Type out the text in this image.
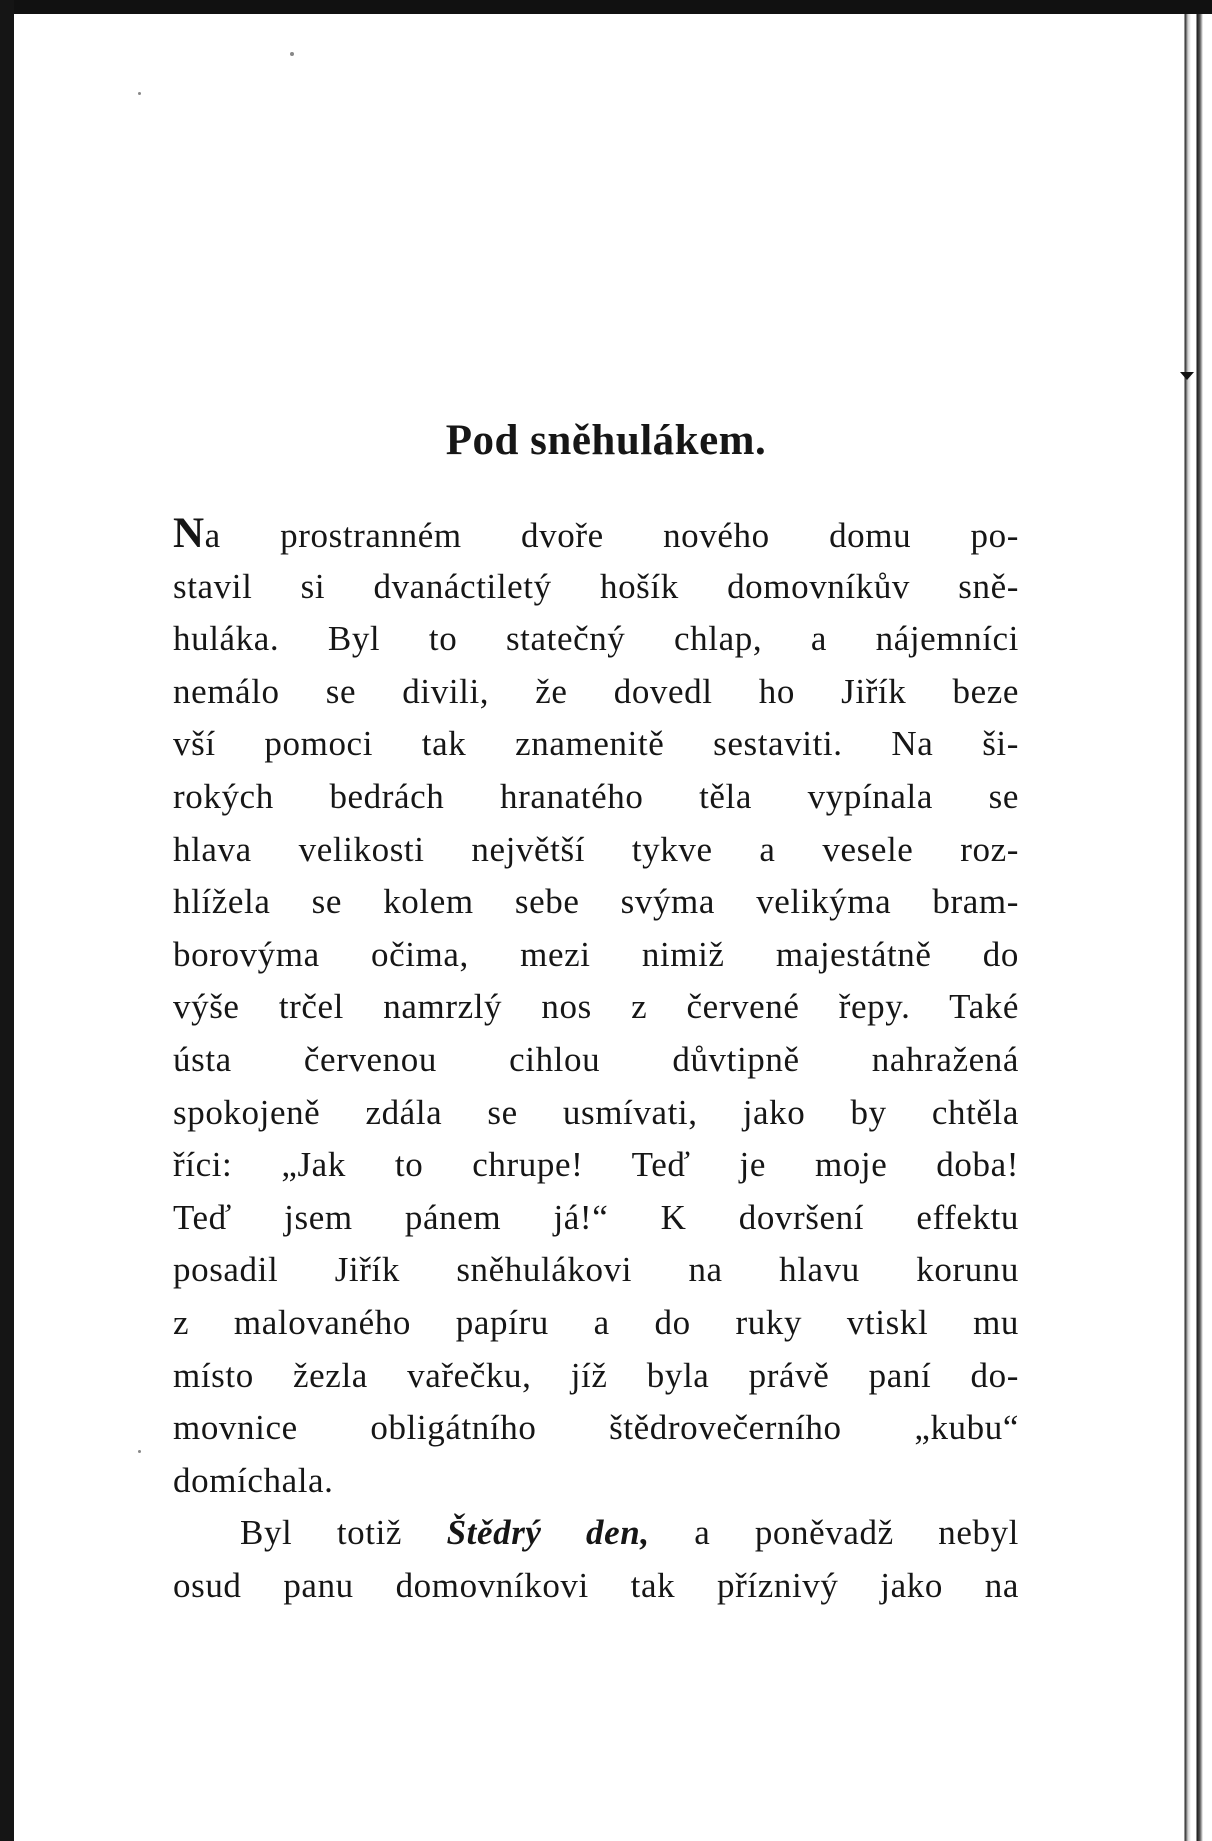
Pod sněhulákem.
Na prostranném dvoře nového domu po-
stavil si dvanáctiletý hošík domovníkův sně-
huláka. Byl to statečný chlap, a nájemníci
nemálo se divili, že dovedl ho Jiřík beze
vší pomoci tak znamenitě sestaviti. Na ši-
rokých bedrách hranatého těla vypínala se
hlava velikosti největší tykve a vesele roz-
hlížela se kolem sebe svýma velikýma bram-
borovýma očima, mezi nimiž majestátně do
výše trčel namrzlý nos z červené řepy. Také
ústa červenou cihlou důvtipně nahražená
spokojeně zdála se usmívati, jako by chtěla
říci: „Jak to chrupe! Teď je moje doba!
Teď jsem pánem já!“ K dovršení effektu
posadil Jiřík sněhulákovi na hlavu korunu
z malovaného papíru a do ruky vtiskl mu
místo žezla vařečku, jíž byla právě paní do-
movnice obligátního štědrovečerního „kubu“
domíchala.
Byl totiž Štědrý den, a poněvadž nebyl
osud panu domovníkovi tak příznivý jako na
